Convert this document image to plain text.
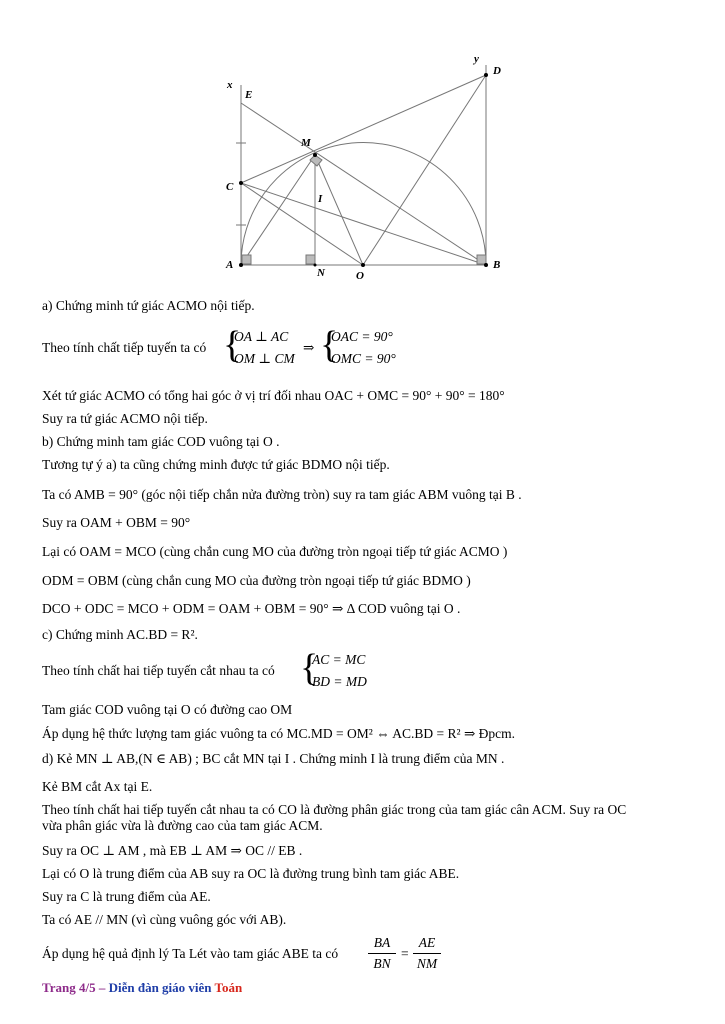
x
E
C
A
M
I
N	O
B
y
D
a) Chứng minh tứ giác ACMO nội tiếp.
Theo tính chất tiếp tuyến ta có {
OA ⊥ AC
OM ⊥ CM
⇒ {
OAC = 90°
OMC = 90°
Xét tứ giác ACMO có tổng hai góc ở vị trí đối nhau OAC + OMC = 90° + 90° = 180°
Suy ra tứ giác ACMO nội tiếp.
b) Chứng minh tam giác COD vuông tại O .
Tương tự ý a) ta cũng chứng minh được tứ giác BDMO nội tiếp.
Ta có AMB = 90° (góc nội tiếp chắn nửa đường tròn) suy ra tam giác ABM vuông tại B .
Suy ra OAM + OBM = 90°
Lại có OAM = MCO (cùng chắn cung MO của đường tròn ngoại tiếp tứ giác ACMO )
ODM = OBM (cùng chắn cung MO của đường tròn ngoại tiếp tứ giác BDMO )
DCO + ODC = MCO + ODM = OAM + OBM = 90° ⇒ Δ COD vuông tại O .
c) Chứng minh AC.BD = R².
Theo tính chất hai tiếp tuyến cắt nhau ta có {
AC = MC
BD = MD
Tam giác COD vuông tại O có đường cao OM
Áp dụng hệ thức lượng tam giác vuông ta có MC.MD = OM² ⇔ AC.BD = R² ⇒ Đpcm.
d) Kẻ MN ⊥ AB,(N ∈ AB) ; BC cắt MN tại I . Chứng minh I là trung điểm của MN .
Kẻ BM cắt Ax tại E.
Theo tính chất hai tiếp tuyến cắt nhau ta có CO là đường phân giác trong của tam giác cân ACM. Suy ra OC
vừa phân giác vừa là đường cao của tam giác ACM.
Suy ra OC ⊥ AM , mà EB ⊥ AM ⇒ OC // EB .
Lại có O là trung điểm của AB suy ra OC là đường trung bình tam giác ABE.
Suy ra C là trung điểm của AE.
Ta có AE // MN (vì cùng vuông góc với AB).
Áp dụng hệ quả định lý Ta Lét vào tam giác ABE ta có
BA
BN
=
AE
NM
Trang 4/5 – Diễn đàn giáo viên Toán
